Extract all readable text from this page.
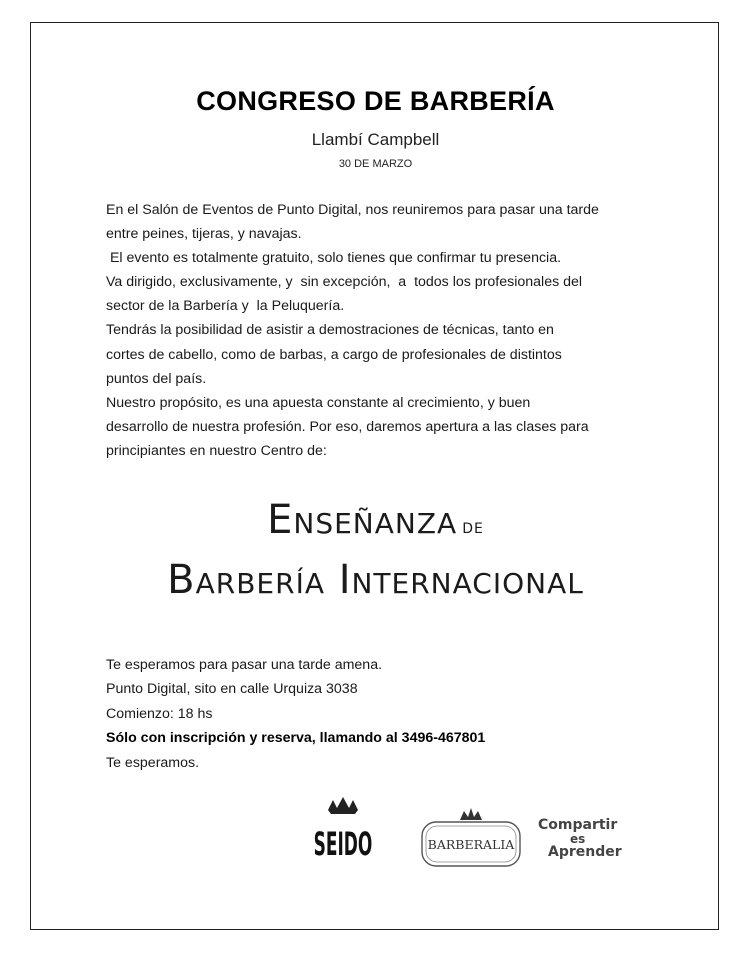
CONGRESO DE BARBERÍA
Llambí Campbell
30 DE MARZO
En el Salón de Eventos de Punto Digital, nos reuniremos para pasar una tarde
entre peines, tijeras, y navajas.
El evento es totalmente gratuito, solo tienes que confirmar tu presencia.
Va dirigido, exclusivamente, y  sin excepción,  a  todos los profesionales del
sector de la Barbería y  la Peluquería.
Tendrás la posibilidad de asistir a demostraciones de técnicas, tanto en
cortes de cabello, como de barbas, a cargo de profesionales de distintos
puntos del país.
Nuestro propósito, es una apuesta constante al crecimiento, y buen
desarrollo de nuestra profesión. Por eso, daremos apertura a las clases para
principiantes en nuestro Centro de:
Enseñanza DE
Barbería Internacional
Te esperamos para pasar una tarde amena.
Punto Digital, sito en calle Urquiza 3038
Comienzo: 18 hs
Sólo con inscripción y reserva, llamando al 3496-467801
Te esperamos.
SEIDO	BARBERALIA
Compartir
es
Aprender
